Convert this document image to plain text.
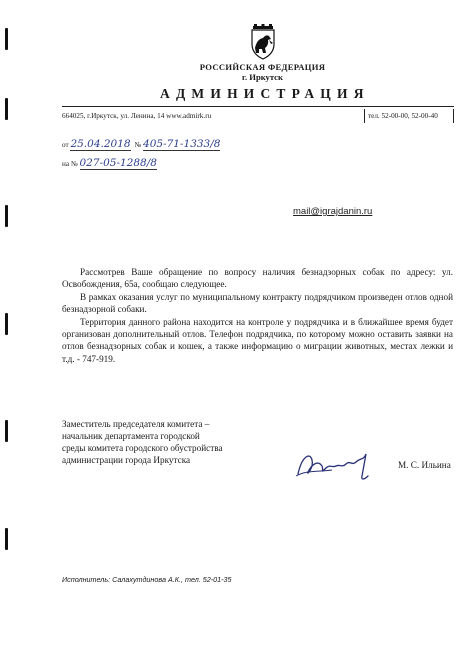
РОССИЙСКАЯ ФЕДЕРАЦИЯ
г. Иркутск
АДМИНИСТРАЦИЯ
664025, г.Иркутск, ул. Ленина, 14 www.admirk.ru	тел. 52-00-00, 52-00-40
от 25.04.2018 № 405-71-1333/8
на № 027-05-1288/8
mail@igrajdanin.ru

Рассмотрев Ваше обращение по вопросу наличия безнадзорных собак по адресу: ул. Освобождения, 65а, сообщаю следующее.

В рамках оказания услуг по муниципальному контракту подрядчиком произведен отлов одной безнадзорной собаки.

Территория данного района находится на контроле у подрядчика и в ближайшее время будет организован дополнительный отлов. Телефон подрядчика, по которому можно оставить заявки на отлов безнадзорных собак и кошек, а также информацию о миграции животных, местах лежки и т.д. - 747-919.

Заместитель председателя комитета –
начальник департамента городской
среды комитета городского обустройства
администрации города Иркутска	М. С. Ильина
Исполнитель: Салахутдинова А.К., тел. 52-01-35
